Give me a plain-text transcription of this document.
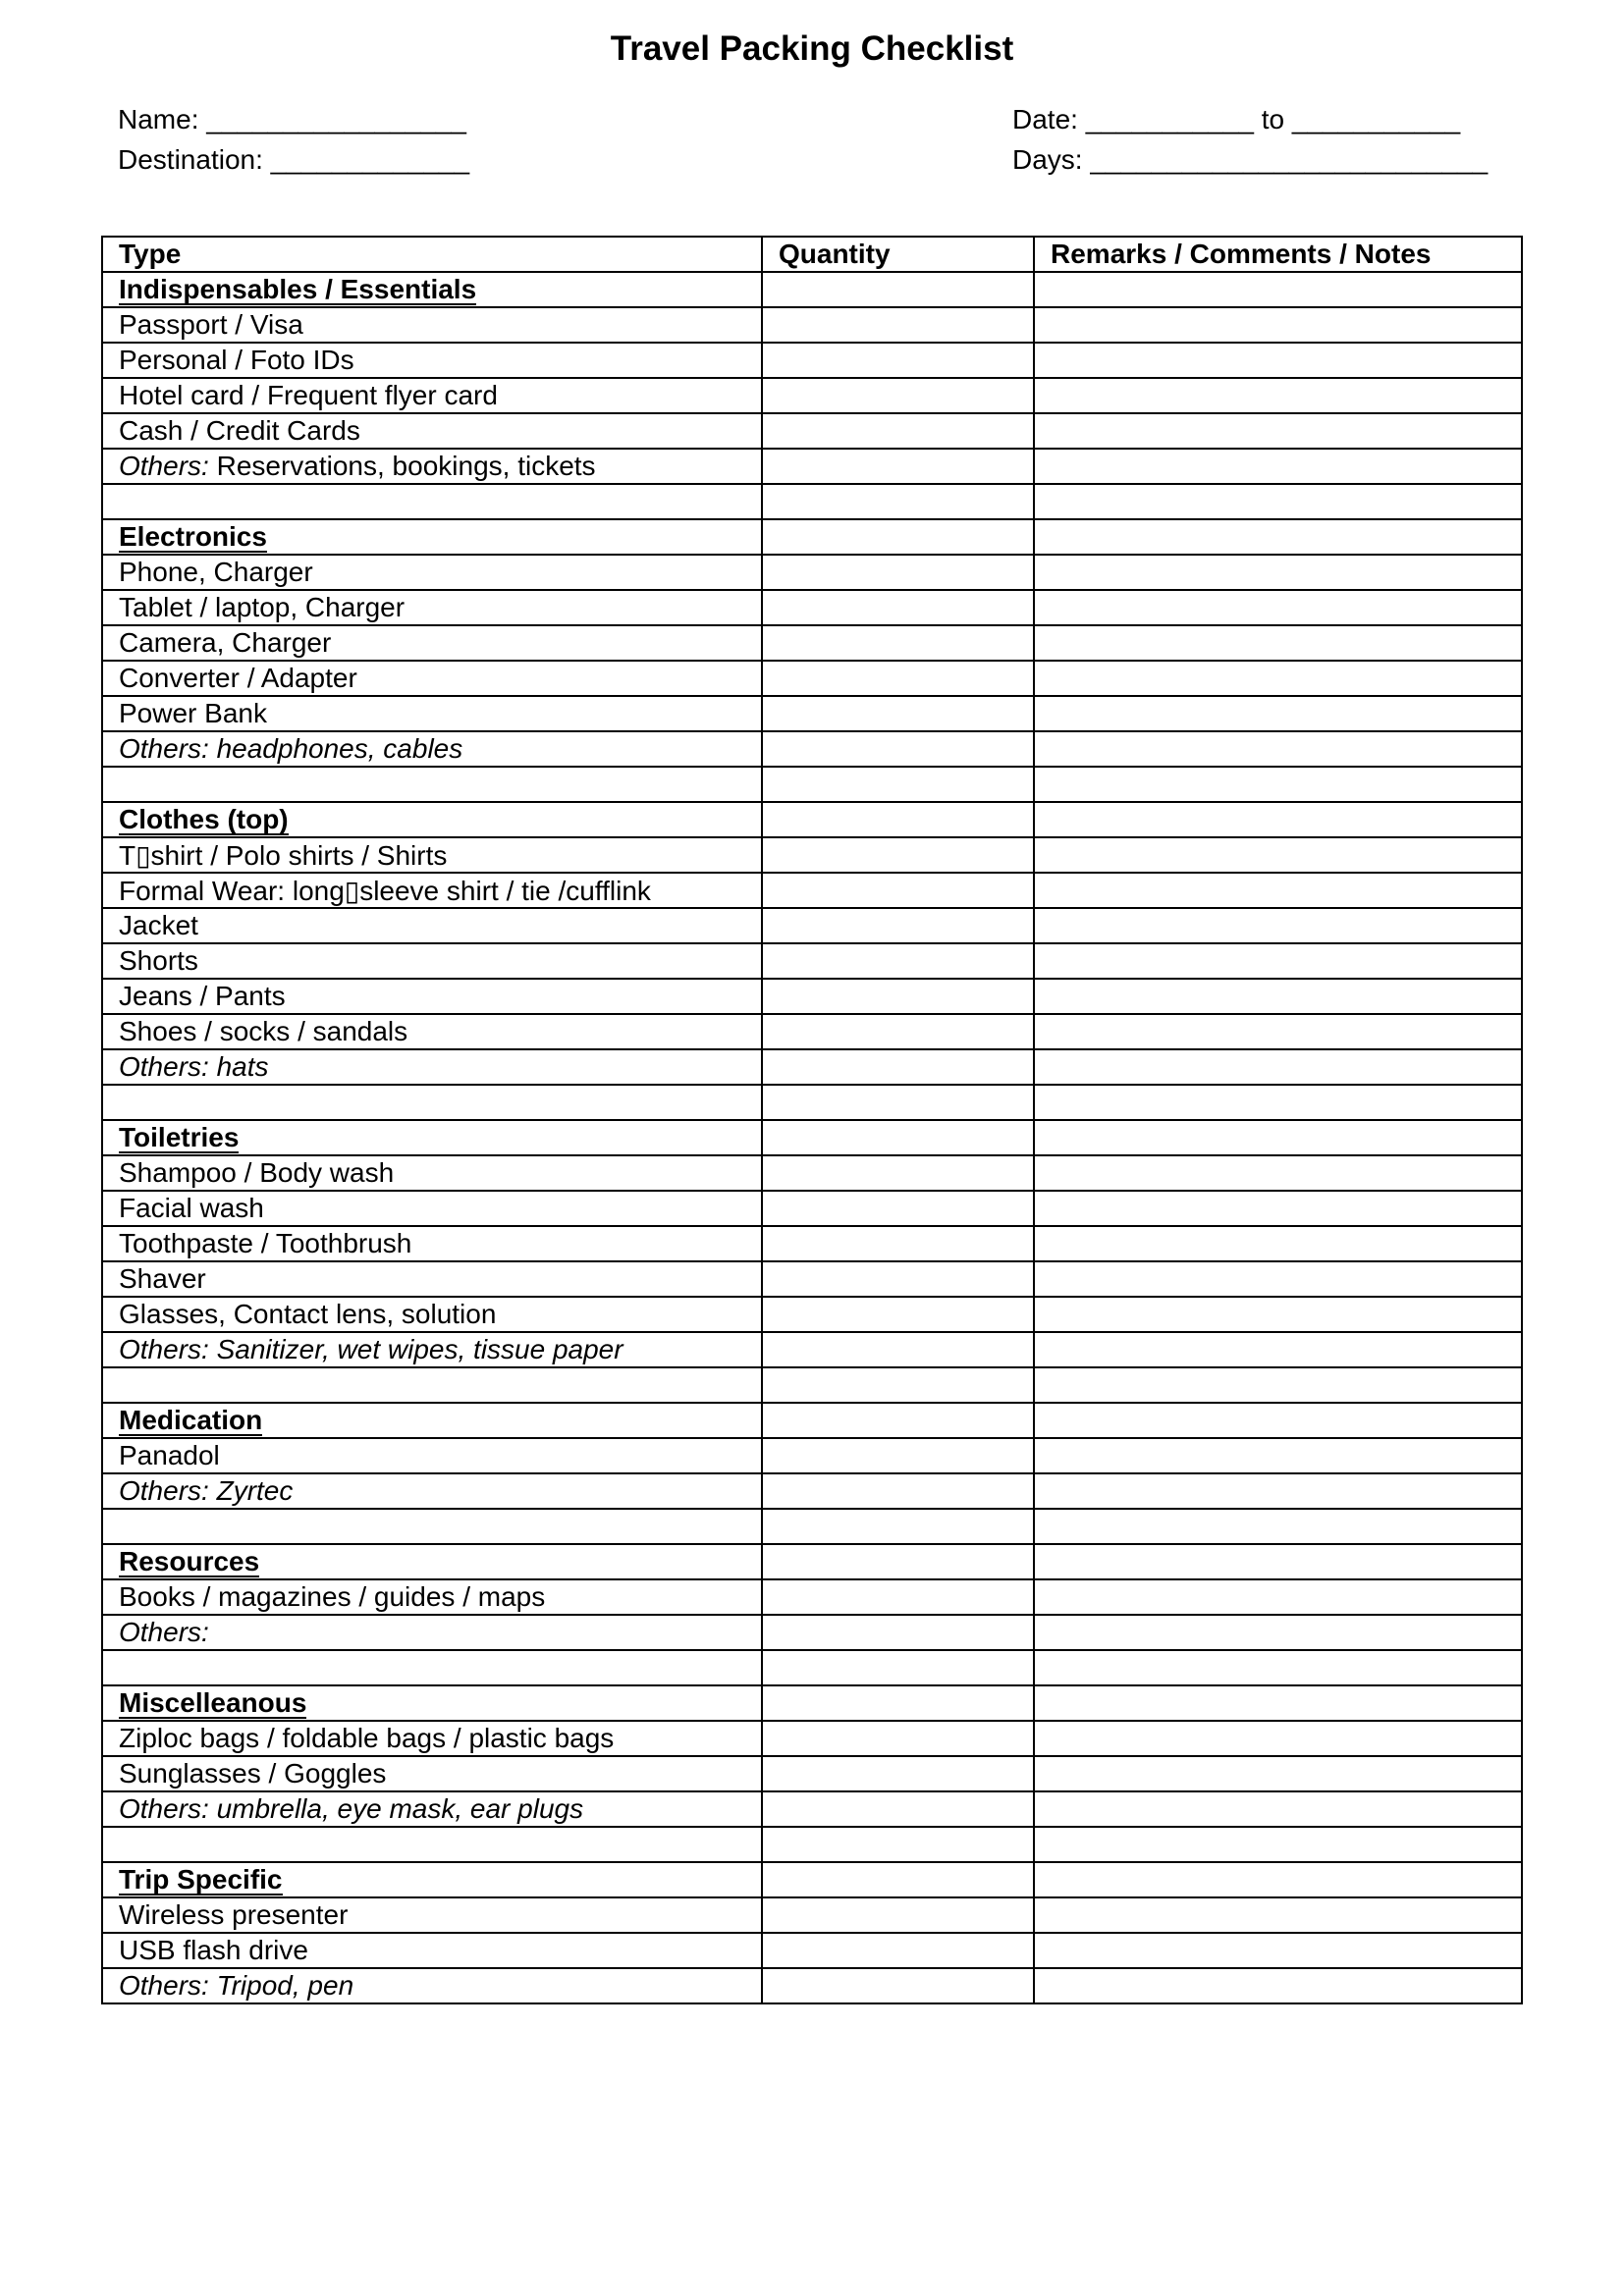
Travel Packing Checklist
Name: _________________
Destination: _____________
Date: ___________ to ___________
Days: __________________________
Type	Quantity	Remarks / Comments / Notes
Indispensables / Essentials		
Passport / Visa		
Personal / Foto IDs		
Hotel card / Frequent flyer card		
Cash / Credit Cards		
Others: Reservations, bookings, tickets		

Electronics		
Phone, Charger		
Tablet / laptop, Charger		
Camera, Charger		
Converter / Adapter		
Power Bank		
Others: headphones, cables		

Clothes (top)		
T▯shirt / Polo shirts / Shirts		
Formal Wear: long▯sleeve shirt / tie /cufflink		
Jacket		
Shorts		
Jeans / Pants		
Shoes / socks / sandals		
Others: hats		

Toiletries		
Shampoo / Body wash		
Facial wash		
Toothpaste / Toothbrush		
Shaver		
Glasses, Contact lens, solution		
Others: Sanitizer, wet wipes, tissue paper		

Medication		
Panadol		
Others: Zyrtec		

Resources		
Books / magazines / guides / maps		
Others:		

Miscelleanous		
Ziploc bags / foldable bags / plastic bags		
Sunglasses / Goggles		
Others: umbrella, eye mask, ear plugs		

Trip Specific		
Wireless presenter		
USB flash drive		
Others: Tripod, pen		
